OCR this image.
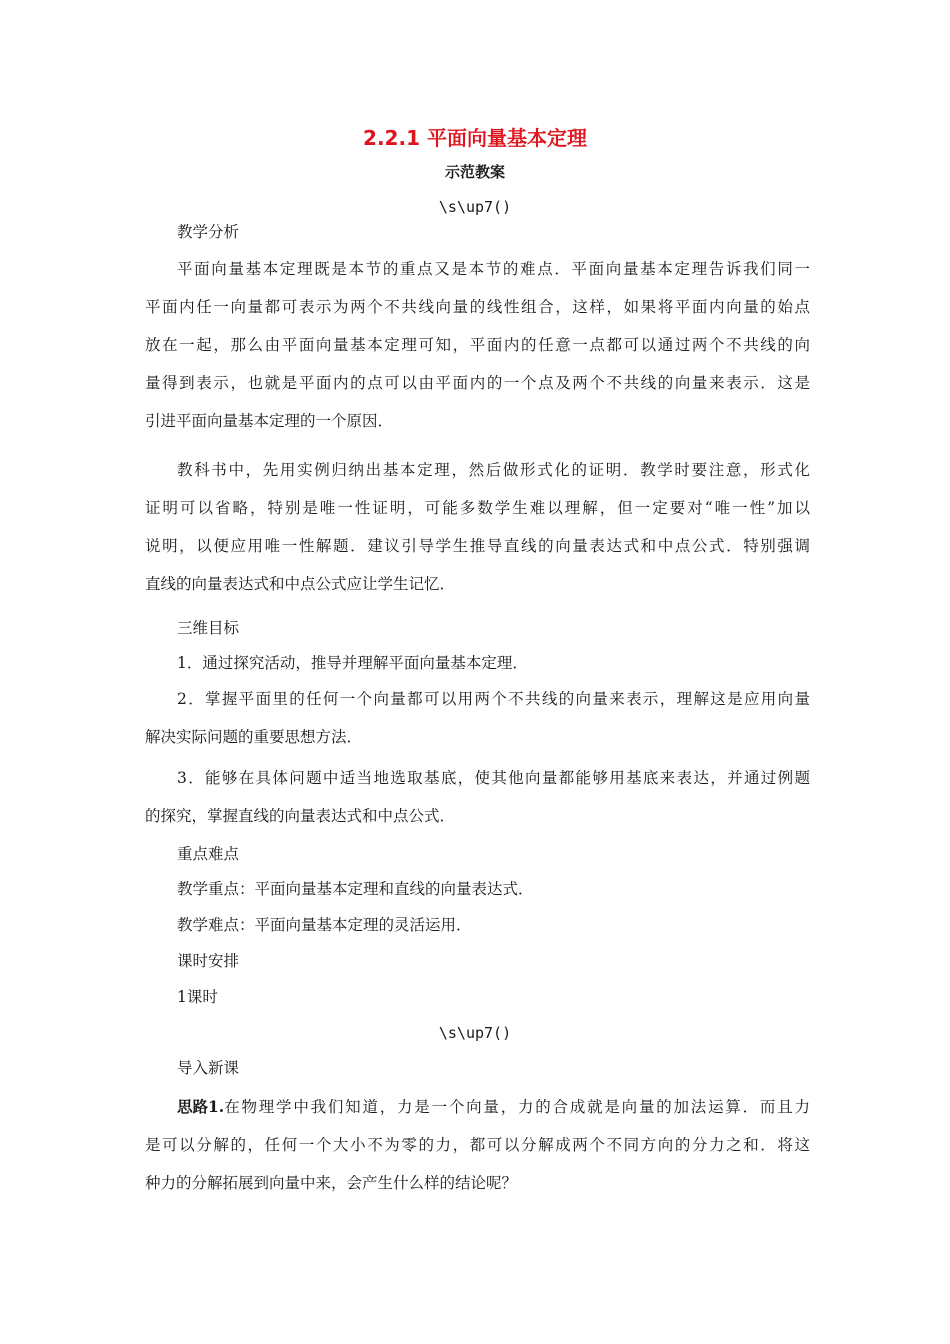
2.2.1 平面向量基本定理
示范教案
\s\up7()
教学分析
平面向量基本定理既是本节的重点又是本节的难点．平面向量基本定理告诉我们同一
平面内任一向量都可表示为两个不共线向量的线性组合，这样，如果将平面内向量的始点
放在一起，那么由平面向量基本定理可知，平面内的任意一点都可以通过两个不共线的向
量得到表示，也就是平面内的点可以由平面内的一个点及两个不共线的向量来表示．这是
引进平面向量基本定理的一个原因．
教科书中，先用实例归纳出基本定理，然后做形式化的证明．教学时要注意，形式化
证明可以省略，特别是唯一性证明，可能多数学生难以理解，但一定要对“唯一性”加以
说明，以便应用唯一性解题．建议引导学生推导直线的向量表达式和中点公式．特别强调
直线的向量表达式和中点公式应让学生记忆．
三维目标
1．通过探究活动，推导并理解平面向量基本定理．
2．掌握平面里的任何一个向量都可以用两个不共线的向量来表示，理解这是应用向量
解决实际问题的重要思想方法．
3．能够在具体问题中适当地选取基底，使其他向量都能够用基底来表达，并通过例题
的探究，掌握直线的向量表达式和中点公式．
重点难点
教学重点：平面向量基本定理和直线的向量表达式．
教学难点：平面向量基本定理的灵活运用．
课时安排
1课时
\s\up7()
导入新课
思路1. 在物理学中我们知道，力是一个向量，力的合成就是向量的加法运算．而且力
是可以分解的，任何一个大小不为零的力，都可以分解成两个不同方向的分力之和．将这
种力的分解拓展到向量中来，会产生什么样的结论呢？
